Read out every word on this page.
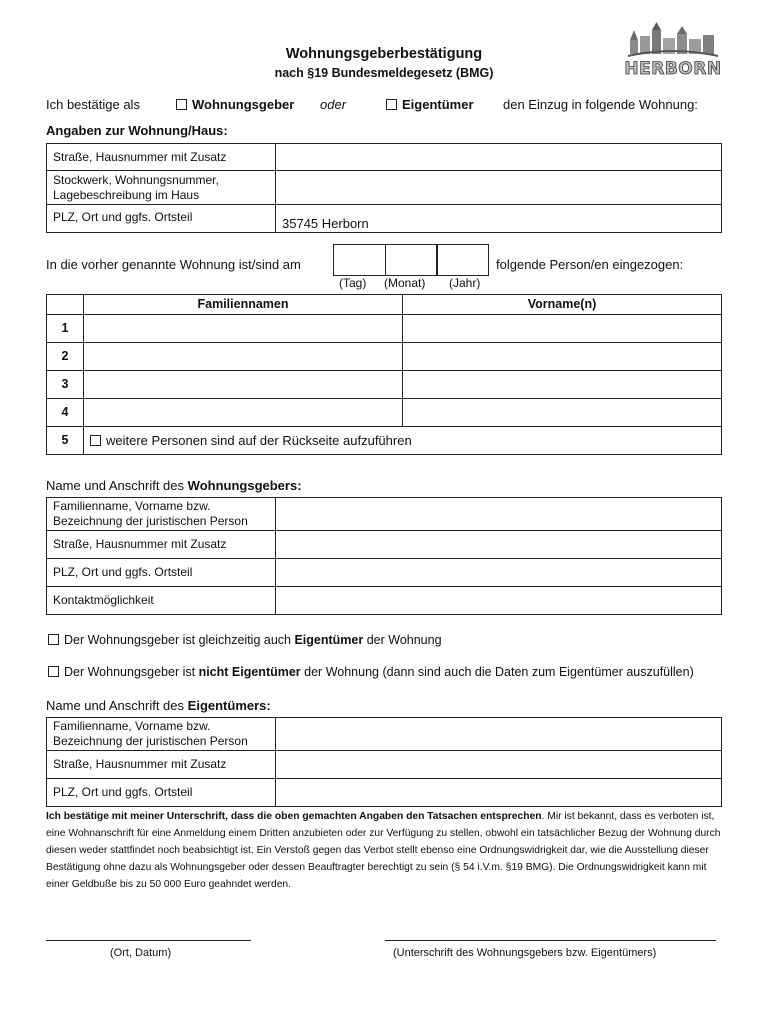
Wohnungsgeberbestätigung
nach §19 Bundesmeldegesetz (BMG)	HERBORN
Ich bestätige als	Wohnungsgeber oder	Eigentümer den Einzug in folgende Wohnung:
Angaben zur Wohnung/Haus:
Straße, Hausnummer mit Zusatz	
Stockwerk, Wohnungsnummer, Lagebeschreibung im Haus	
PLZ, Ort und ggfs. Ortsteil	35745 Herborn
In die vorher genannte Wohnung ist/sind am	folgende Person/en eingezogen:
(Tag) (Monat) (Jahr)
	Familiennamen	Vorname(n)
1		
2		
3		
4		
5	weitere Personen sind auf der Rückseite aufzuführen	
Name und Anschrift des Wohnungsgebers:
Familienname, Vorname bzw. Bezeichnung der juristischen Person	
Straße, Hausnummer mit Zusatz	
PLZ, Ort und ggfs. Ortsteil	
Kontaktmöglichkeit	
Der Wohnungsgeber ist gleichzeitig auch Eigentümer der Wohnung
Der Wohnungsgeber ist nicht Eigentümer der Wohnung (dann sind auch die Daten zum Eigentümer auszufüllen)
Name und Anschrift des Eigentümers:
Familienname, Vorname bzw. Bezeichnung der juristischen Person	
Straße, Hausnummer mit Zusatz	
PLZ, Ort und ggfs. Ortsteil	
Ich bestätige mit meiner Unterschrift, dass die oben gemachten Angaben den Tatsachen entsprechen. Mir ist bekannt, dass es verboten ist, eine Wohnanschrift für eine Anmeldung einem Dritten anzubieten oder zur Verfügung zu stellen, obwohl ein tatsächlicher Bezug der Wohnung durch diesen weder stattfindet noch beabsichtigt ist. Ein Verstoß gegen das Verbot stellt ebenso eine Ordnungswidrigkeit dar, wie die Ausstellung dieser Bestätigung ohne dazu als Wohnungsgeber oder dessen Beauftragter berechtigt zu sein (§ 54 i.V.m. §19 BMG). Die Ordnungswidrigkeit kann mit einer Geldbuße bis zu 50 000 Euro geahndet werden.
(Ort, Datum)	(Unterschrift des Wohnungsgebers bzw. Eigentümers)
